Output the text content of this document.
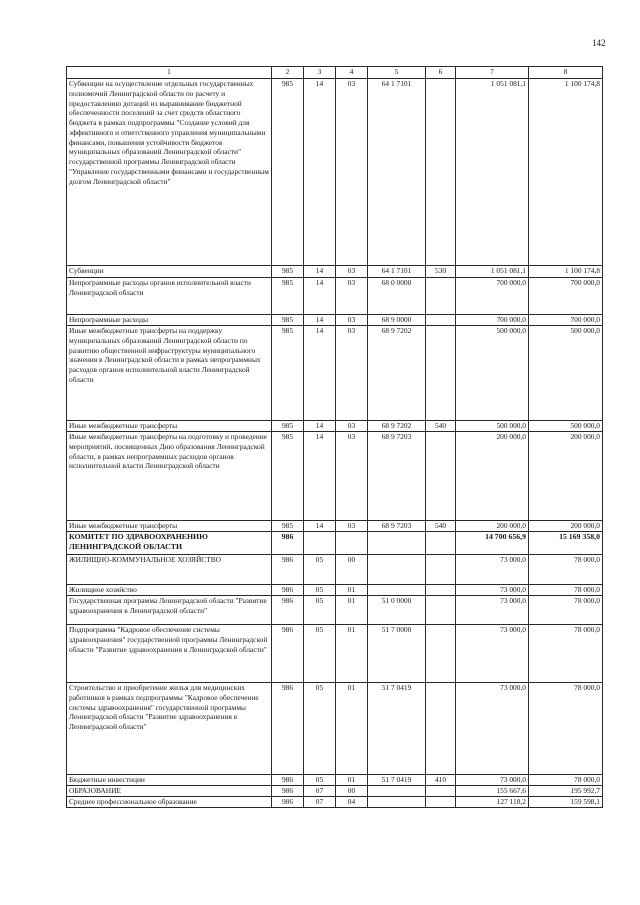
142
1	2	3	4	5	6	7	8
Субвенции на осуществление отдельных государственных полномочий Ленинградской области по расчету и предоставлению дотаций из выравнивание бюджетной обеспеченности поселений за счет средств областного бюджета в рамках подпрограммы "Создание условий для эффективного и ответственного управления муниципальными финансами, повышения устойчивости бюджетов муниципальных образований Ленинградской области" государственной программы Ленинградской области "Управление государственными финансами и государственным долгом Ленинградской области"	985	14	03	64 1 7101		1 051 081,1	1 100 174,8
Субвенции	985	14	03	64 1 7101	530	1 051 081,1	1 100 174,8
Непрограммные расходы органов исполнительной власти Ленинградской области	985	14	03	68 0 0000		700 000,0	700 000,0
Непрограммные расходы	985	14	03	68 9 0000		700 000,0	700 000,0
Иные межбюджетные трансферты на поддержку муниципальных образований Ленинградской области по развитию общественной инфраструктуры муниципального значения в Ленинградской области в рамках непрограммных расходов органов исполнительной власти Ленинградской области	985	14	03	68 9 7202		500 000,0	500 000,0
Иные межбюджетные трансферты	985	14	03	68 9 7202	540	500 000,0	500 000,0
Иные межбюджетные трансферты на подготовку и проведение мероприятий, посвященных Дню образования Ленинградской области, в рамках непрограммных расходов органов исполнительной власти Ленинградской области	985	14	03	68 9 7203		200 000,0	200 000,0
Иные межбюджетные трансферты	985	14	03	68 9 7203	540	200 000,0	200 000,0
КОМИТЕТ ПО ЗДРАВООХРАНЕНИЮ ЛЕНИНГРАДСКОЙ ОБЛАСТИ	986					14 700 656,9	15 169 358,0
ЖИЛИЩНО-КОММУНАЛЬНОЕ ХОЗЯЙСТВО	986	05	00			73 000,0	78 000,0
Жилищное хозяйство	986	05	01			73 000,0	78 000,0
Государственная программа Ленинградской области "Развитие здравоохранения в Ленинградской области"	986	05	01	51 0 0000		73 000,0	78 000,0
Подпрограмма "Кадровое обеспечение системы здравоохранения" государственной программы Ленинградской области "Развитие здравоохранения в Ленинградской области"	986	05	01	51 7 0000		73 000,0	78 000,0
Строительство и приобретение жилья для медицинских работников в рамках подпрограммы "Кадровое обеспечение системы здравоохранения" государственной программы Ленинградской области "Развитие здравоохранения в Ленинградской области"	986	05	01	51 7 0419		73 000,0	78 000,0
Бюджетные инвестиции	986	05	01	51 7 0419	410	73 000,0	78 000,0
ОБРАЗОВАНИЕ	986	07	00			155 667,6	195 992,7
Среднее профессиональное образование	986	07	04			127 118,2	159 598,1
